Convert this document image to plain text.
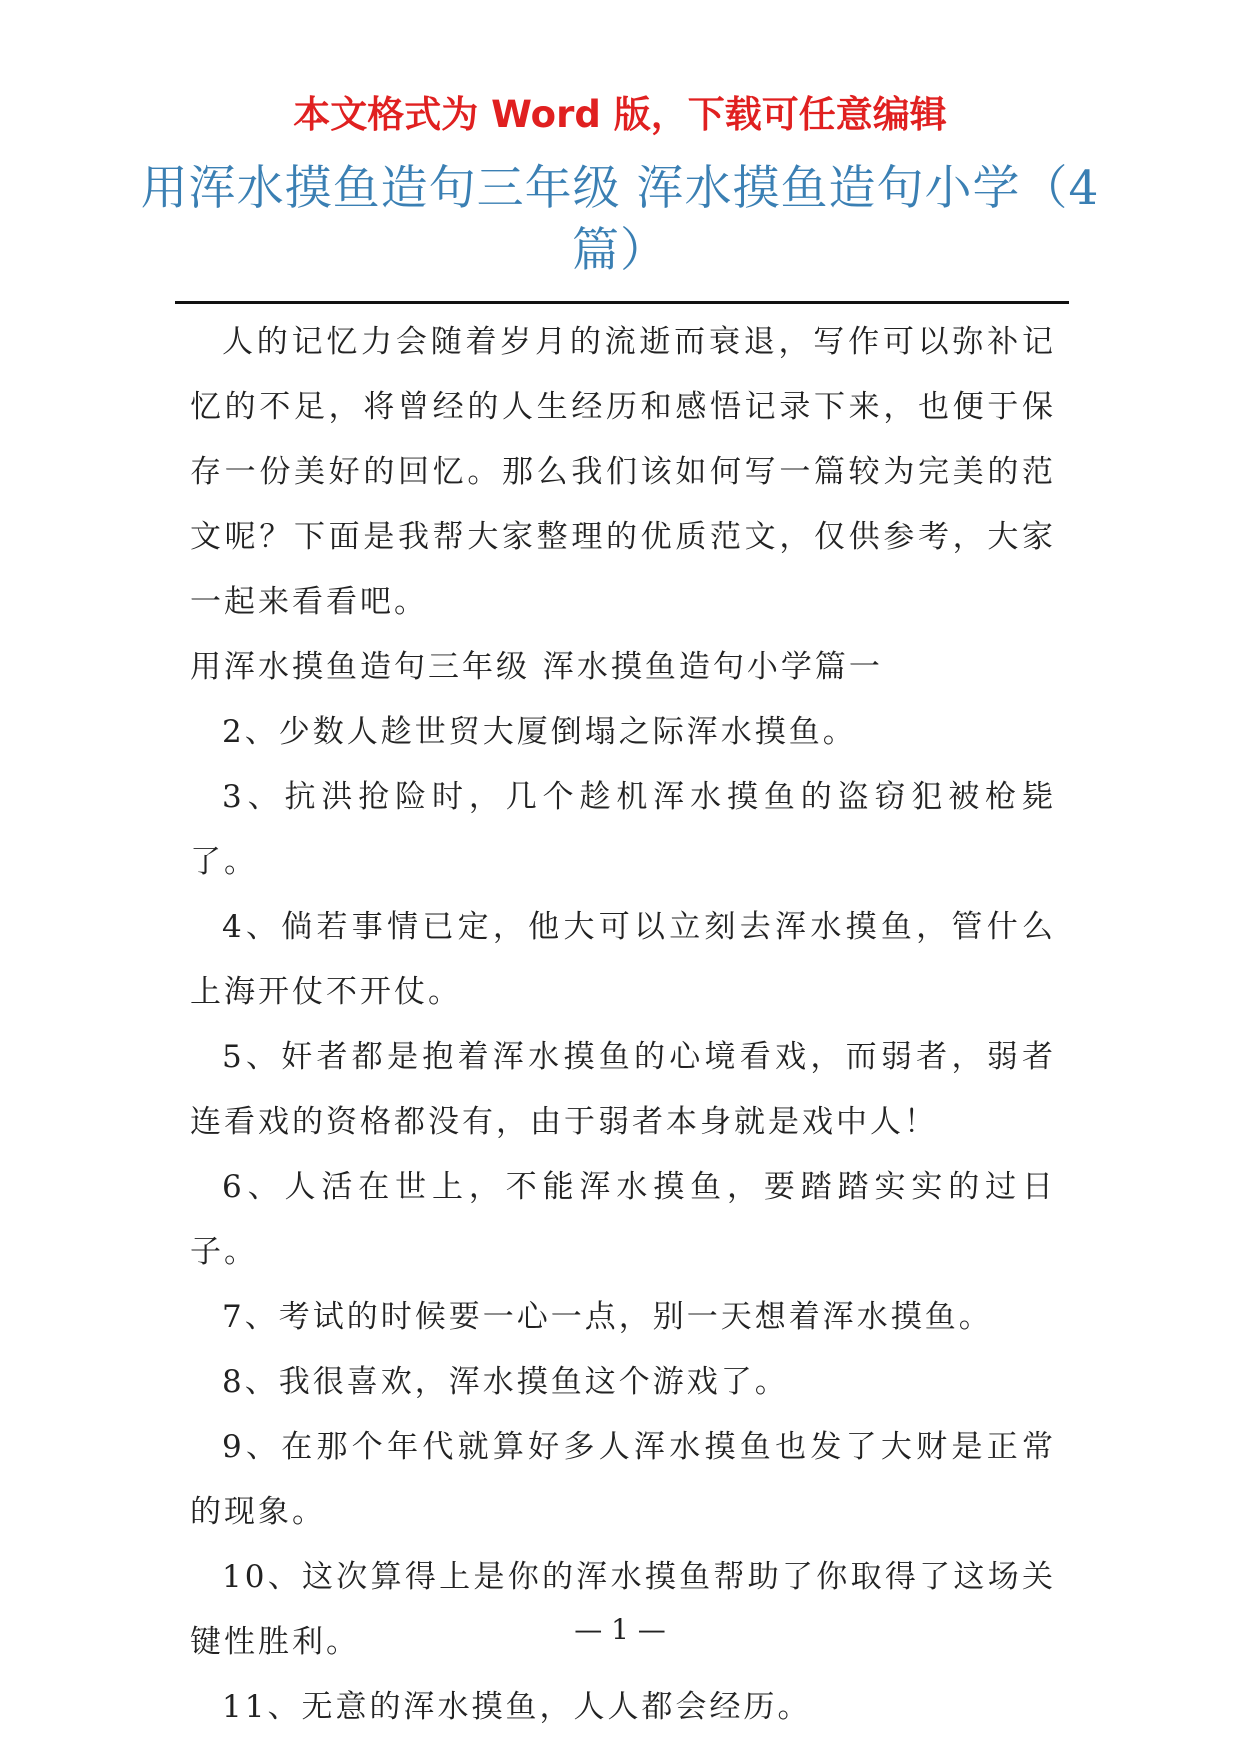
本文格式为 Word 版，下载可任意编辑
用浑水摸鱼造句三年级 浑水摸鱼造句小学（4 篇）

人的记忆力会随着岁月的流逝而衰退，写作可以弥补记忆的不足，将曾经的人生经历和感悟记录下来，也便于保存一份美好的回忆。那么我们该如何写一篇较为完美的范文呢？下面是我帮大家整理的优质范文，仅供参考，大家一起来看看吧。

用浑水摸鱼造句三年级 浑水摸鱼造句小学篇一

2、少数人趁世贸大厦倒塌之际浑水摸鱼。

3、抗洪抢险时，几个趁机浑水摸鱼的盗窃犯被枪毙了。

4、倘若事情已定，他大可以立刻去浑水摸鱼，管什么上海开仗不开仗。

5、奸者都是抱着浑水摸鱼的心境看戏，而弱者，弱者连看戏的资格都没有，由于弱者本身就是戏中人！

6、人活在世上，不能浑水摸鱼，要踏踏实实的过日子。

7、考试的时候要一心一点，别一天想着浑水摸鱼。

8、我很喜欢，浑水摸鱼这个游戏了。

9、在那个年代就算好多人浑水摸鱼也发了大财是正常的现象。

10、这次算得上是你的浑水摸鱼帮助了你取得了这场关键性胜利。

11、无意的浑水摸鱼，人人都会经历。

— 1 —
